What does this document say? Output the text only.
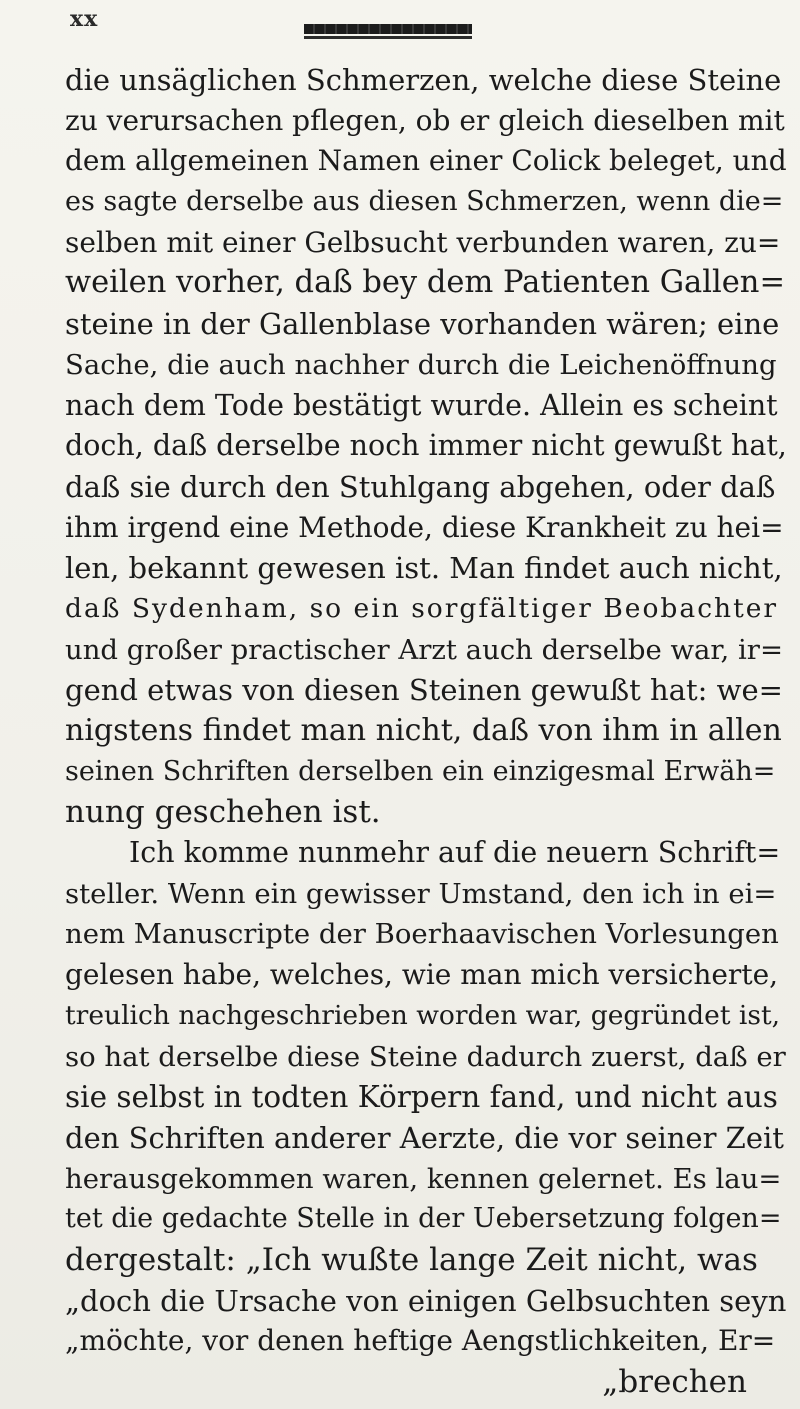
xx
die unsäglichen Schmerzen, welche diese Steine
zu verursachen pflegen, ob er gleich dieselben mit
dem allgemeinen Namen einer Colick beleget, und
es sagte derselbe aus diesen Schmerzen, wenn die=
selben mit einer Gelbsucht verbunden waren, zu=
weilen vorher, daß bey dem Patienten Gallen=
steine in der Gallenblase vorhanden wären; eine
Sache, die auch nachher durch die Leichenöffnung
nach dem Tode bestätigt wurde. Allein es scheint
doch, daß derselbe noch immer nicht gewußt hat,
daß sie durch den Stuhlgang abgehen, oder daß
ihm irgend eine Methode, diese Krankheit zu hei=
len, bekannt gewesen ist. Man findet auch nicht,
daß Sydenham, so ein sorgfältiger Beobachter
und großer practischer Arzt auch derselbe war, ir=
gend etwas von diesen Steinen gewußt hat: we=
nigstens findet man nicht, daß von ihm in allen
seinen Schriften derselben ein einzigesmal Erwäh=
nung geschehen ist.
Ich komme nunmehr auf die neuern Schrift=
steller. Wenn ein gewisser Umstand, den ich in ei=
nem Manuscripte der Boerhaavischen Vorlesungen
gelesen habe, welches, wie man mich versicherte,
treulich nachgeschrieben worden war, gegründet ist,
so hat derselbe diese Steine dadurch zuerst, daß er
sie selbst in todten Körpern fand, und nicht aus
den Schriften anderer Aerzte, die vor seiner Zeit
herausgekommen waren, kennen gelernet. Es lau=
tet die gedachte Stelle in der Uebersetzung folgen=
dergestalt: „Ich wußte lange Zeit nicht, was
„doch die Ursache von einigen Gelbsuchten seyn
„möchte, vor denen heftige Aengstlichkeiten, Er=
„brechen
